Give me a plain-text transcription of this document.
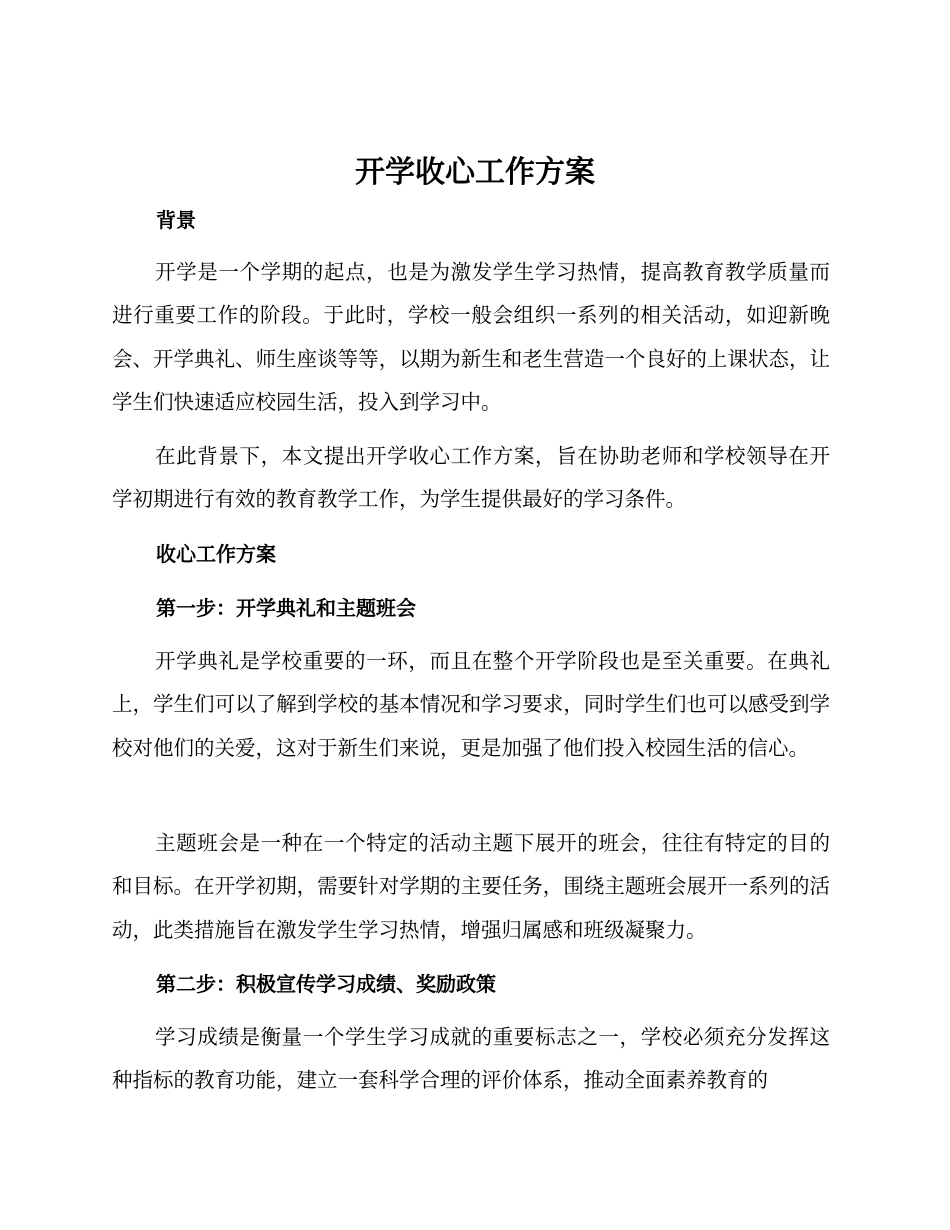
开学收心工作方案
背景
开学是一个学期的起点，也是为激发学生学习热情，提高教育教学质量而进行重要工作的阶段。于此时，学校一般会组织一系列的相关活动，如迎新晚会、开学典礼、师生座谈等等，以期为新生和老生营造一个良好的上课状态，让学生们快速适应校园生活，投入到学习中。
在此背景下，本文提出开学收心工作方案，旨在协助老师和学校领导在开学初期进行有效的教育教学工作，为学生提供最好的学习条件。
收心工作方案
第一步：开学典礼和主题班会
开学典礼是学校重要的一环，而且在整个开学阶段也是至关重要。在典礼上，学生们可以了解到学校的基本情况和学习要求，同时学生们也可以感受到学校对他们的关爱，这对于新生们来说，更是加强了他们投入校园生活的信心。
主题班会是一种在一个特定的活动主题下展开的班会，往往有特定的目的和目标。在开学初期，需要针对学期的主要任务，围绕主题班会展开一系列的活动，此类措施旨在激发学生学习热情，增强归属感和班级凝聚力。
第二步：积极宣传学习成绩、奖励政策
学习成绩是衡量一个学生学习成就的重要标志之一，学校必须充分发挥这种指标的教育功能，建立一套科学合理的评价体系，推动全面素养教育的
